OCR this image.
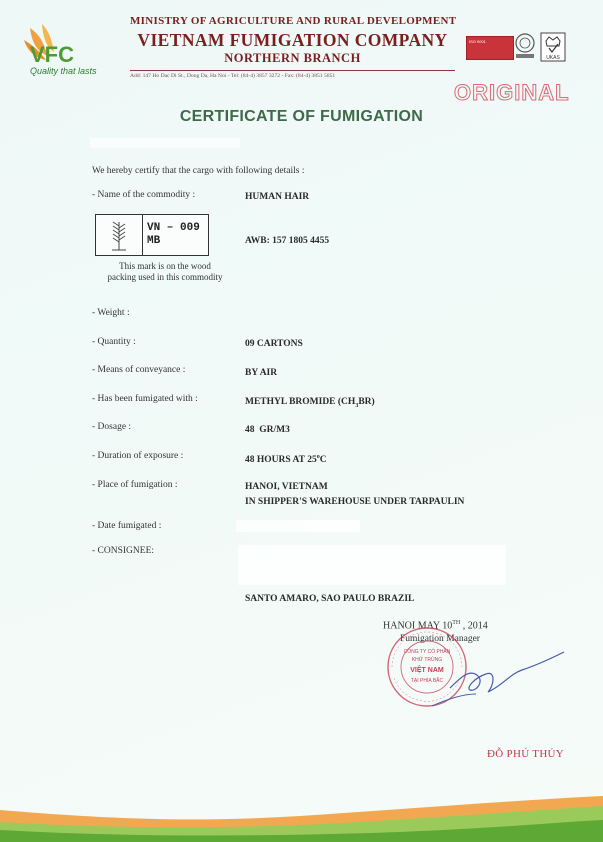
VFC
Quality that lasts
MINISTRY OF AGRICULTURE AND RURAL DEVELOPMENT
VIETNAM FUMIGATION COMPANY
NORTHERN BRANCH
Add: 147 Ho Dac Di St., Dong Da, Ha Noi - Tel: (84-4) 3857 3272 - Fax: (84-4) 3851 5851
ISO 9001
UKAS
ORIGINAL
CERTIFICATE OF FUMIGATION
We hereby certify that the cargo with following details :
- Name of the commodity :	HUMAN HAIR
VN – 009
MB
This mark is on the wood
packing used in this commodity
AWB: 157 1805 4455
- Weight :
- Quantity :	09 CARTONS
- Means of conveyance :	BY AIR
- Has been fumigated with :	METHYL BROMIDE $(CH_3BR)$
- Dosage :	48  GR/M3
- Duration of exposure :	48 HOURS AT 25$^o$C
- Place of fumigation :	HANOI, VIETNAM
IN SHIPPER'S WAREHOUSE UNDER TARPAULIN
- Date fumigated :
- CONSIGNEE:
SANTO AMARO, SAO PAULO BRAZIL
HANOI MAY 10TH , 2014
Fumigation Manager
CÔNG TY CỔ PHẦN
KHỬ TRÙNG
VIỆT NAM
TẠI PHÍA BẮC
ĐỖ PHÚ THỦY
